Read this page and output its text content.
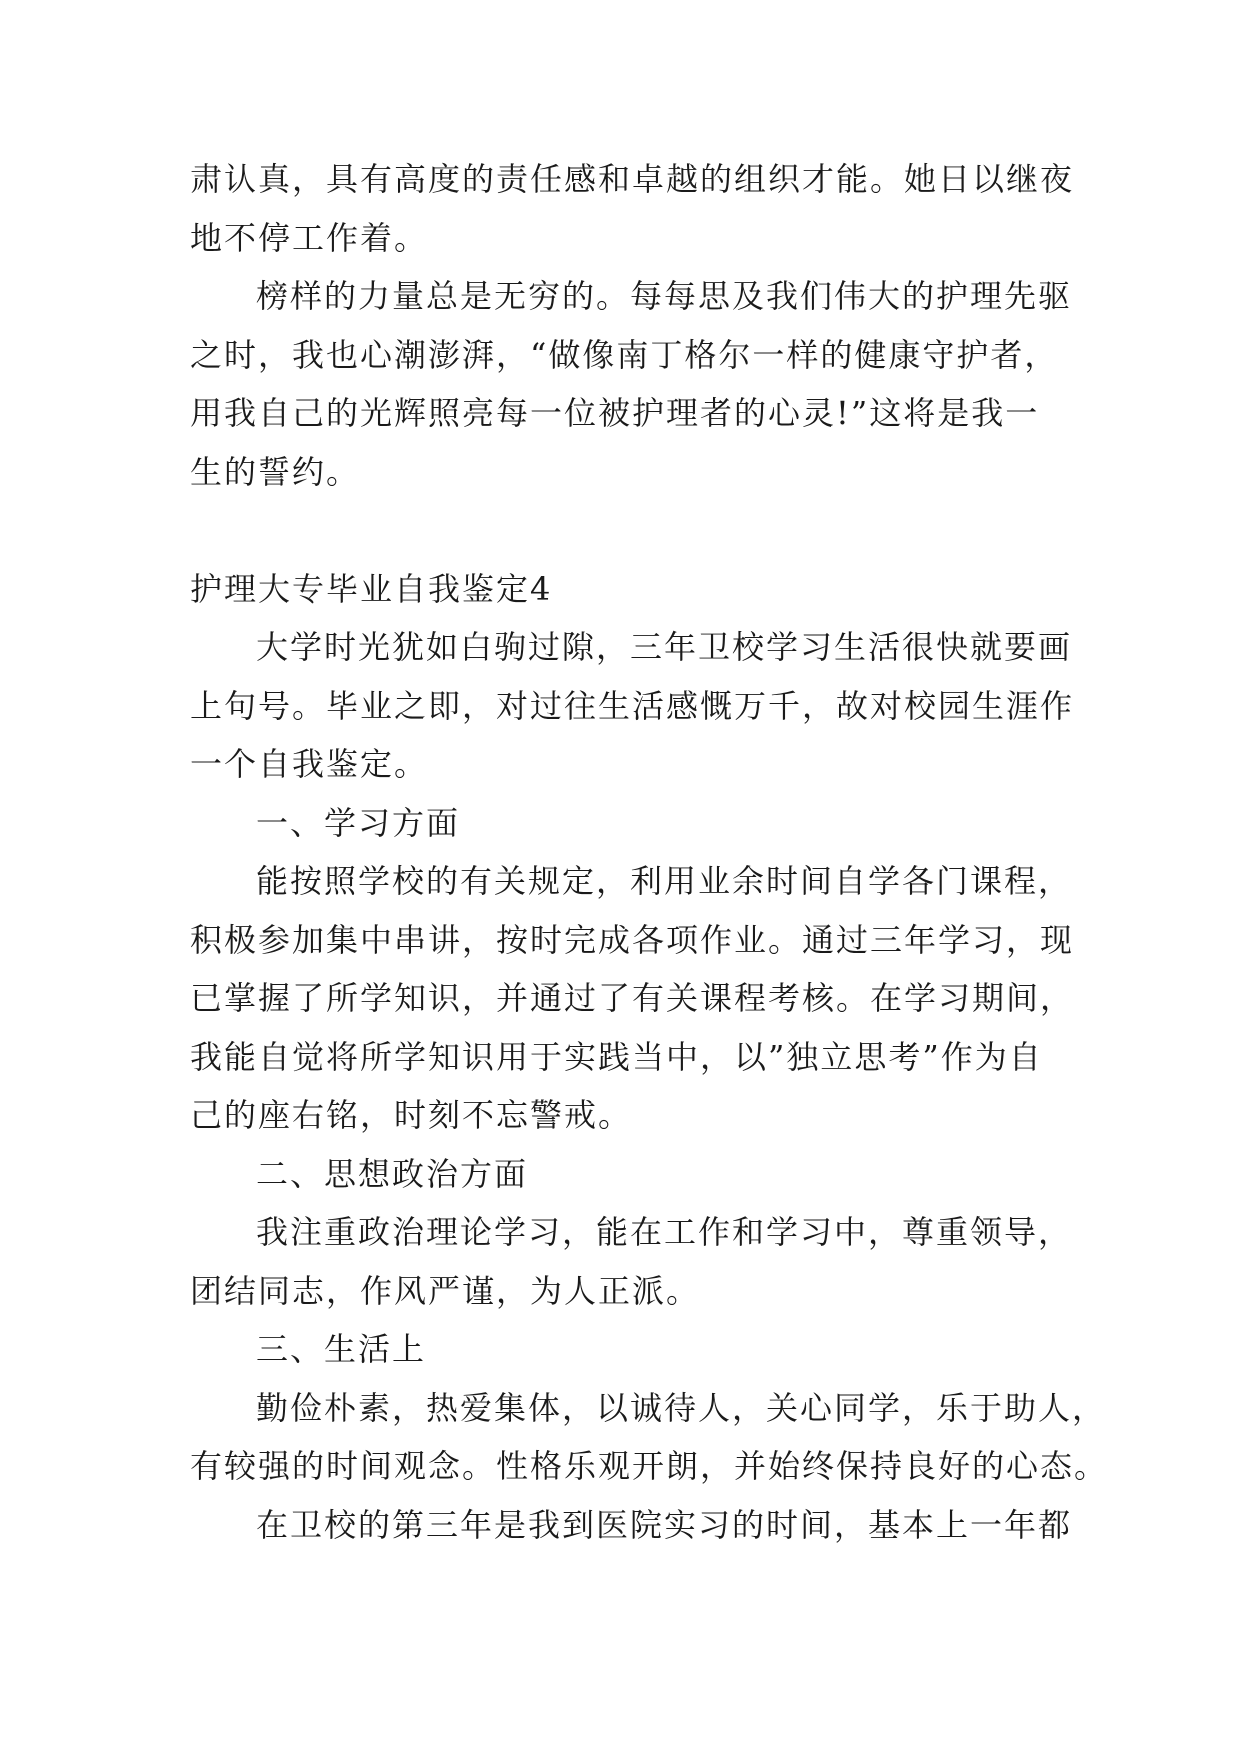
肃认真，具有高度的责任感和卓越的组织才能。她日以继夜
地不停工作着。
榜样的力量总是无穷的。每每思及我们伟大的护理先驱
之时，我也心潮澎湃，“做像南丁格尔一样的健康守护者，
用我自己的光辉照亮每一位被护理者的心灵!”这将是我一
生的誓约。
护理大专毕业自我鉴定4
大学时光犹如白驹过隙，三年卫校学习生活很快就要画
上句号。毕业之即，对过往生活感慨万千，故对校园生涯作
一个自我鉴定。
一、学习方面
能按照学校的有关规定，利用业余时间自学各门课程，
积极参加集中串讲，按时完成各项作业。通过三年学习，现
已掌握了所学知识，并通过了有关课程考核。在学习期间，
我能自觉将所学知识用于实践当中，以”独立思考”作为自
己的座右铭，时刻不忘警戒。
二、思想政治方面
我注重政治理论学习，能在工作和学习中，尊重领导，
团结同志，作风严谨，为人正派。
三、生活上
勤俭朴素，热爱集体，以诚待人，关心同学，乐于助人，
有较强的时间观念。性格乐观开朗，并始终保持良好的心态。
在卫校的第三年是我到医院实习的时间，基本上一年都
